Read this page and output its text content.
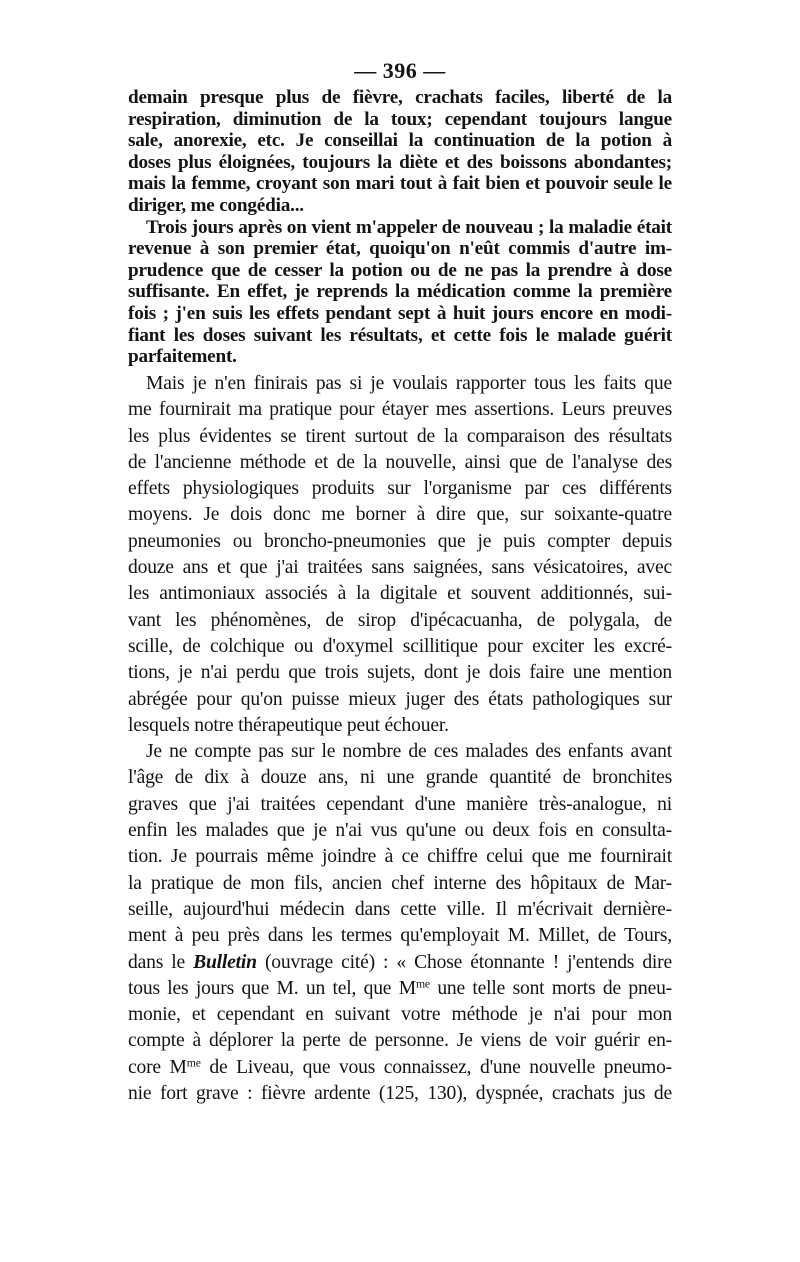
— 396 —
demain presque plus de fièvre, crachats faciles, liberté de la
respiration, diminution de la toux; cependant toujours langue
sale, anorexie, etc. Je conseillai la continuation de la potion à
doses plus éloignées, toujours la diète et des boissons abondantes;
mais la femme, croyant son mari tout à fait bien et pouvoir seule le
diriger, me congédia...
Trois jours après on vient m'appeler de nouveau ; la maladie était
revenue à son premier état, quoiqu'on n'eût commis d'autre im-
prudence que de cesser la potion ou de ne pas la prendre à dose
suffisante. En effet, je reprends la médication comme la première
fois ; j'en suis les effets pendant sept à huit jours encore en modi-
fiant les doses suivant les résultats, et cette fois le malade guérit
parfaitement.
Mais je n'en finirais pas si je voulais rapporter tous les faits que
me fournirait ma pratique pour étayer mes assertions. Leurs preuves
les plus évidentes se tirent surtout de la comparaison des résultats
de l'ancienne méthode et de la nouvelle, ainsi que de l'analyse des
effets physiologiques produits sur l'organisme par ces différents
moyens. Je dois donc me borner à dire que, sur soixante-quatre
pneumonies ou broncho-pneumonies que je puis compter depuis
douze ans et que j'ai traitées sans saignées, sans vésicatoires, avec
les antimoniaux associés à la digitale et souvent additionnés, sui-
vant les phénomènes, de sirop d'ipécacuanha, de polygala, de
scille, de colchique ou d'oxymel scillitique pour exciter les excré-
tions, je n'ai perdu que trois sujets, dont je dois faire une mention
abrégée pour qu'on puisse mieux juger des états pathologiques sur
lesquels notre thérapeutique peut échouer.
Je ne compte pas sur le nombre de ces malades des enfants avant
l'âge de dix à douze ans, ni une grande quantité de bronchites
graves que j'ai traitées cependant d'une manière très-analogue, ni
enfin les malades que je n'ai vus qu'une ou deux fois en consulta-
tion. Je pourrais même joindre à ce chiffre celui que me fournirait
la pratique de mon fils, ancien chef interne des hôpitaux de Mar-
seille, aujourd'hui médecin dans cette ville. Il m'écrivait dernière-
ment à peu près dans les termes qu'employait M. Millet, de Tours,
dans le Bulletin (ouvrage cité) : « Chose étonnante ! j'entends dire
tous les jours que M. un tel, que $M^{me}$ une telle sont morts de pneu-
monie, et cependant en suivant votre méthode je n'ai pour mon
compte à déplorer la perte de personne. Je viens de voir guérir en-
core $M^{me}$ de Liveau, que vous connaissez, d'une nouvelle pneumo-
nie fort grave : fièvre ardente (125, 130), dyspnée, crachats jus de
